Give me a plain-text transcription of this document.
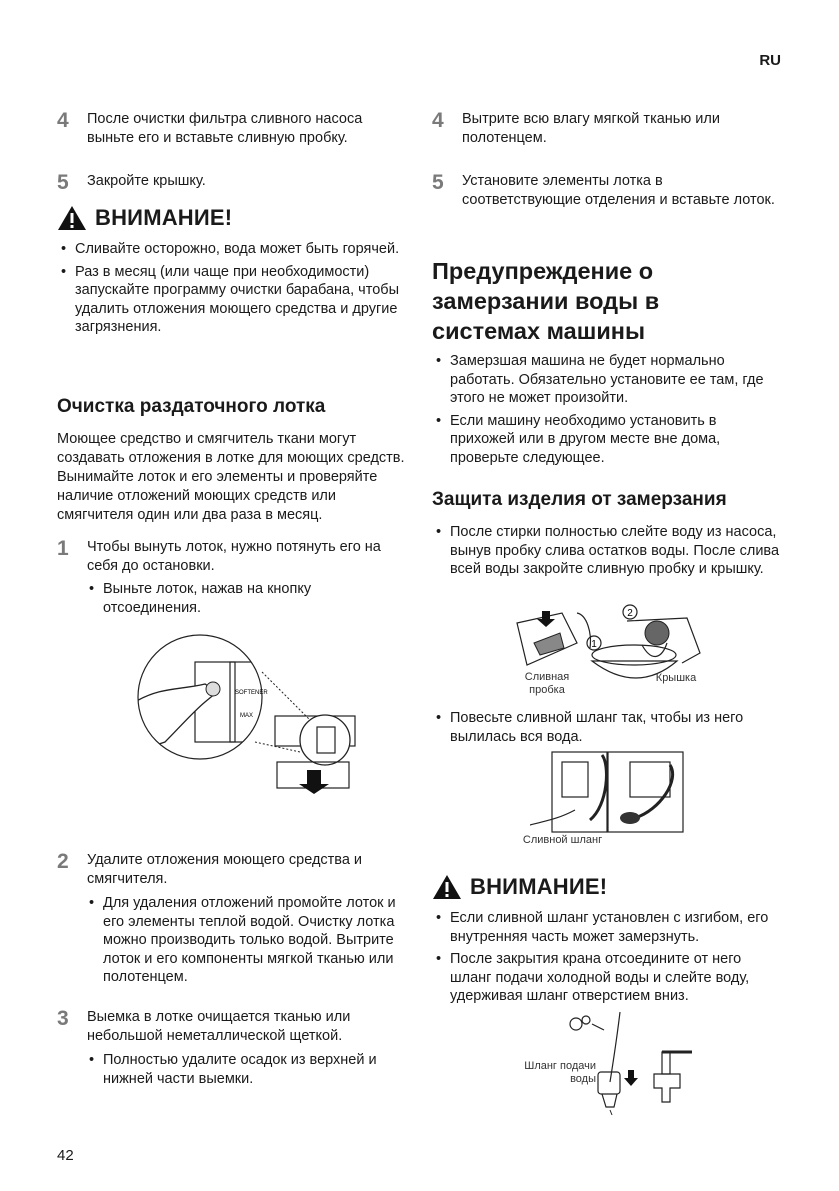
RU
4	После очистки фильтра сливного насоса выньте его и вставьте сливную пробку.
5	Закройте крышку.
ВНИМАНИЕ!
• Сливайте осторожно, вода может быть горячей.
• Раз в месяц (или чаще при необходимости) запускайте программу очистки барабана, чтобы удалить отложения моющего средства и другие загрязнения.
Очистка раздаточного лотка
Моющее средство и смягчитель ткани могут создавать отложения в лотке для моющих средств. Вынимайте лоток и его элементы и проверяйте наличие отложений моющих средств или смягчителя один или два раза в месяц.
1	Чтобы вынуть лоток, нужно потянуть его на себя до остановки.
• Выньте лоток, нажав на кнопку отсоединения.
SOFTENER
MAX
2	Удалите отложения моющего средства и смягчителя.
• Для удаления отложений промойте лоток и его элементы теплой водой. Очистку лотка можно производить только водой. Вытрите лоток и его компоненты мягкой тканью или полотенцем.
3	Выемка в лотке очищается тканью или небольшой неметаллической щеткой.
• Полностью удалите осадок из верхней и нижней части выемки.
42
4	Вытрите всю влагу мягкой тканью или полотенцем.
5	Установите элементы лотка в соответствующие отделения и вставьте лоток.
Предупреждение о замерзании воды в системах машины
• Замерзшая машина не будет нормально работать. Обязательно установите ее там, где этого не может произойти.
• Если машину необходимо установить в прихожей или в другом месте вне дома, проверьте следующее.
Защита изделия от замерзания
• После стирки полностью слейте воду из насоса, вынув пробку слива остатков воды. После слива всей воды закройте сливную пробку и крышку.
1
2
Сливная пробка
Крышка
• Повесьте сливной шланг так, чтобы из него вылилась вся вода.
Сливной шланг
ВНИМАНИЕ!
• Если сливной шланг установлен с изгибом, его внутренняя часть может замерзнуть.
• После закрытия крана отсоедините от него шланг подачи холодной воды и слейте воду, удерживая шланг отверстием вниз.
Шланг подачи воды
